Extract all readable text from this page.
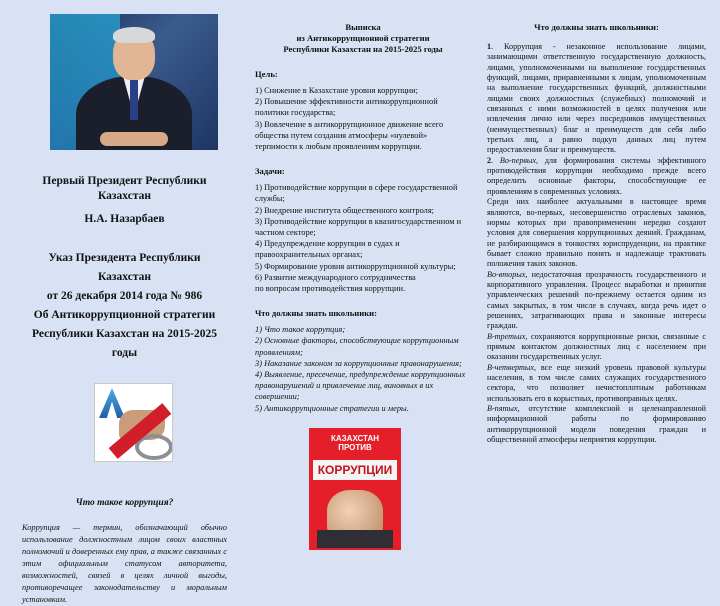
Первый Президент Республики Казахстан

Н.А. Назарбаев

Указ Президента Республики Казахстан
от 26 декабря 2014 года № 986
Об Антикоррупционной стратегии
Республики Казахстан на 2015-2025 годы

Что такое коррупция?

Коррупция — термин, обозначающий обычно использование должностным лицом своих властных полномочий и доверенных ему прав, а также связанных с этим официальным статусом авторитета, возможностей, связей в целях личной выгоды, противоречащее законодательству и моральным установкам.

Выписка
из Антикоррупционной стратегии
Республики Казахстан на 2015-2025 годы
Цель:
1) Снижение в Казахстане уровня коррупции;
2) Повышение эффективности антикоррупционной
политики государства;
3) Вовлечение в антикоррупционное движение всего
общества путем создания атмосферы «нулевой»
терпимости к любым проявлениям коррупции.
Задачи:
1) Противодействие коррупции в сфере государственной
службы;
2) Внедрение института общественного контроля;
3) Противодействие коррупции в квазигосударственном и
частном секторе;
4) Предупреждение коррупции в судах и
правоохранительных органах;
5) Формирование уровня антикоррупционной культуры;
6) Развитие международного сотрудничества
по вопросам противодействия коррупции.
Что должны знать школьники:
1) Что такое коррупция;
2) Основные факторы, способствующие коррупционным
проявлениям;
3) Наказание законом за коррупционные правонарушения;
4) Выявление, пресечение, предупреждение коррупционных
правонарушений и привлечение лиц, виновных в их
совершении;
5) Антикоррупционные стратегии и меры.
КАЗАХСТАН
ПРОТИВ
КОРРУПЦИИ
Что должны знать школьники:

1. Коррупция - незаконное использование лицами, занимающими ответственную государственную должность, лицами, уполномоченными на выполнение государственных функций, лицами, приравненными к лицам, уполномоченным на выполнение государственных функций, должностными лицами своих должностных (служебных) полномочий и связанных с ними возможностей в целях получения или извлечения лично или через посредников имущественных (неимущественных) благ и преимуществ для себя либо третьих лиц, а равно подкуп данных лиц путем предоставления благ и преимуществ.

2. Во-первых, для формирования системы эффективного противодействия коррупции необходимо прежде всего определить основные факторы, способствующие ее проявлениям в современных условиях.

Среди них наиболее актуальными в настоящее время являются, во-первых, несовершенство отраслевых законов, нормы которых при правоприменении нередко создают условия для совершения коррупционных деяний. Гражданам, не разбирающимся в тонкостях юриспруденции, на практике бывает сложно правильно понять и надлежаще трактовать положения таких законов.

Во-вторых, недостаточная прозрачность государственного и корпоративного управления. Процесс выработки и принятия управленческих решений по-прежнему остается одним из самых закрытых, в том числе в случаях, когда речь идет о решениях, затрагивающих права и законные интересы граждан.

В-третьих, сохраняются коррупционные риски, связанные с прямым контактом должностных лиц с населением при оказании государственных услуг.

В-четвертых, все еще низкий уровень правовой культуры населения, в том числе самих служащих государственного сектора, что позволяет нечистоплотным работникам использовать его в корыстных, противоправных целях.

В-пятых, отсутствие комплексной и целенаправленной информационной работы по формированию антикоррупционной модели поведения граждан и общественной атмосферы неприятия коррупции.
